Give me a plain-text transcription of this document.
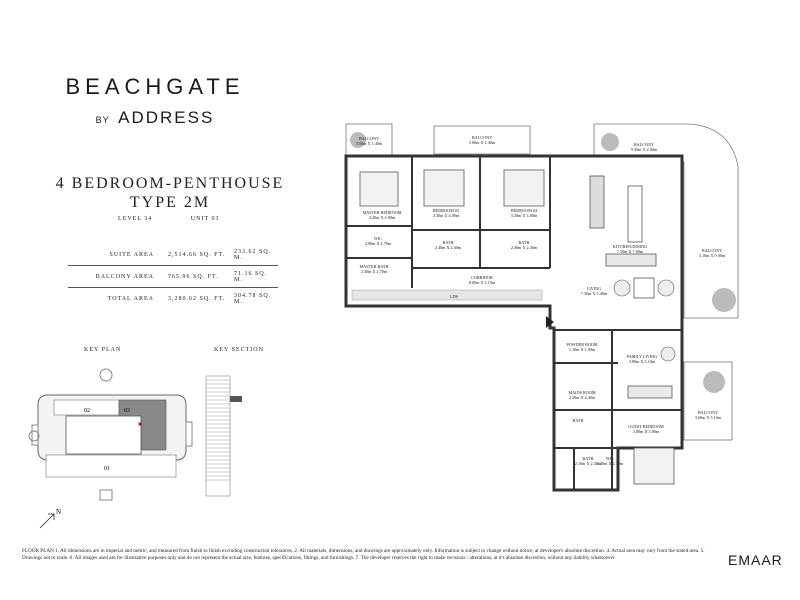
BEACHGATE
BY ADDRESS
4 BEDROOM-PENTHOUSE
TYPE 2M
LEVEL 34	UNIT 03
SUITE AREA	2,514.66 SQ. FT.	233.62 SQ. M.
BALCONY AREA	765.96 SQ. FT.	71.16 SQ. M.
TOTAL AREA	3,280.62 SQ. FT.	304.78 SQ. M.
KEY PLAN	KEY SECTION
02	03
01
N
BALCONY
3.00m X 1.40m
BALCONY
5.00m X 1.40m	BALCONY
9.30m X 2.00m
BALCONY
3.10m X 9.00m
BALCONY
3.60m X 5.10m
MASTER BEDROOM
4.20m X 4.00m
BEDROOM 03
3.30m X 4.00m
BEDROOM 04
3.30m X 4.00m
WIC
2.90m X 1.70m
MASTER BATH
3.30m X 2.70m
BATH
2.40m X 2.40m
BATH
2.40m X 2.40m
CORRIDOR
8.00m X 1.10m
KITCHEN/DINING
7.50m X 7.00m
LIVING
7.30m X 5.40m
POWDER ROOM
1.10m X 1.90m
FAMILY LIVING
3.80m X 5.10m
MAIDS ROOM
2.30m X 2.40m
BATH
GUEST BEDROOM
3.80m X 3.80m
BATH
2.10m X 2.40m
WIC
1.40m X 2.10m
LDS
FLOOR PLAN 1. All dimensions are in imperial and metric, and measured from finish to finish excluding construction tolerances. 2. All materials, dimensions, and drawings are approximately only. Information is subject to change without notice, at developer's absolute discretion. 4. Actual area may vary from the stated area. 5. Drawings not to scale. 6. All images used are for illustrative purposes only and do not represent the actual size, features, specifications, fittings, and furnishings. 7. The developer reserves the right to make revisions / alterations, at it's absolute discretion, without any liability whatsoever.	EMAAR
